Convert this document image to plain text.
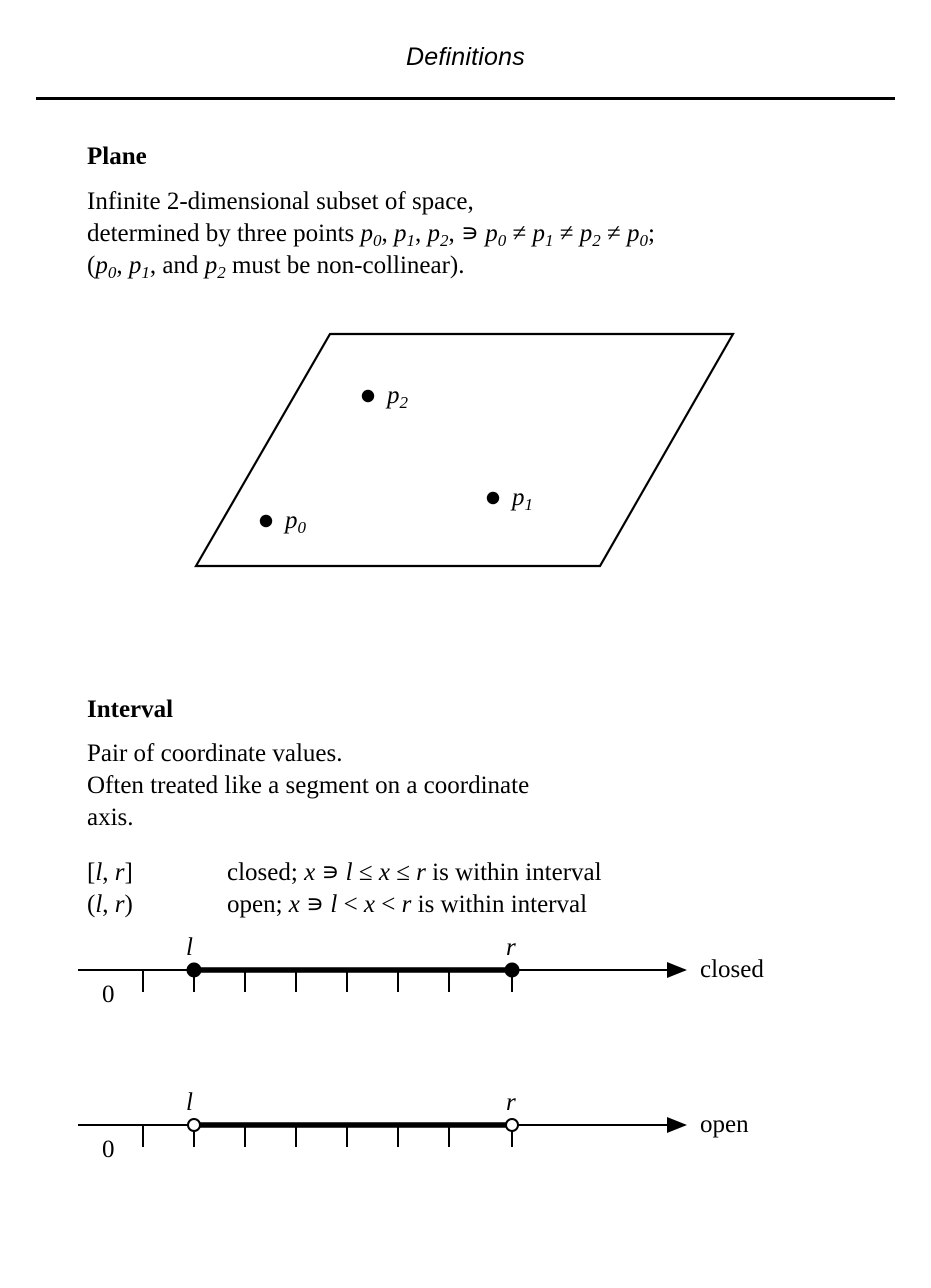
Definitions
Plane
Infinite 2-dimensional subset of space,
determined by three points $p_0$, $p_1$, $p_2$, ∍ $p_0 \ne p_1 \ne p_2 \ne p_0$;
($p_0$, $p_1$, and $p_2$ must be non-collinear).
$p_0$
$p_1$
$p_2$
Interval
Pair of coordinate values.
Often treated like a segment on a coordinate
axis.
[l, r]	closed; x ∍ l ≤ x ≤ r is within interval
(l, r)	open; x ∍ l < x < r is within interval
l	r
0
closed
l	r
0
open
